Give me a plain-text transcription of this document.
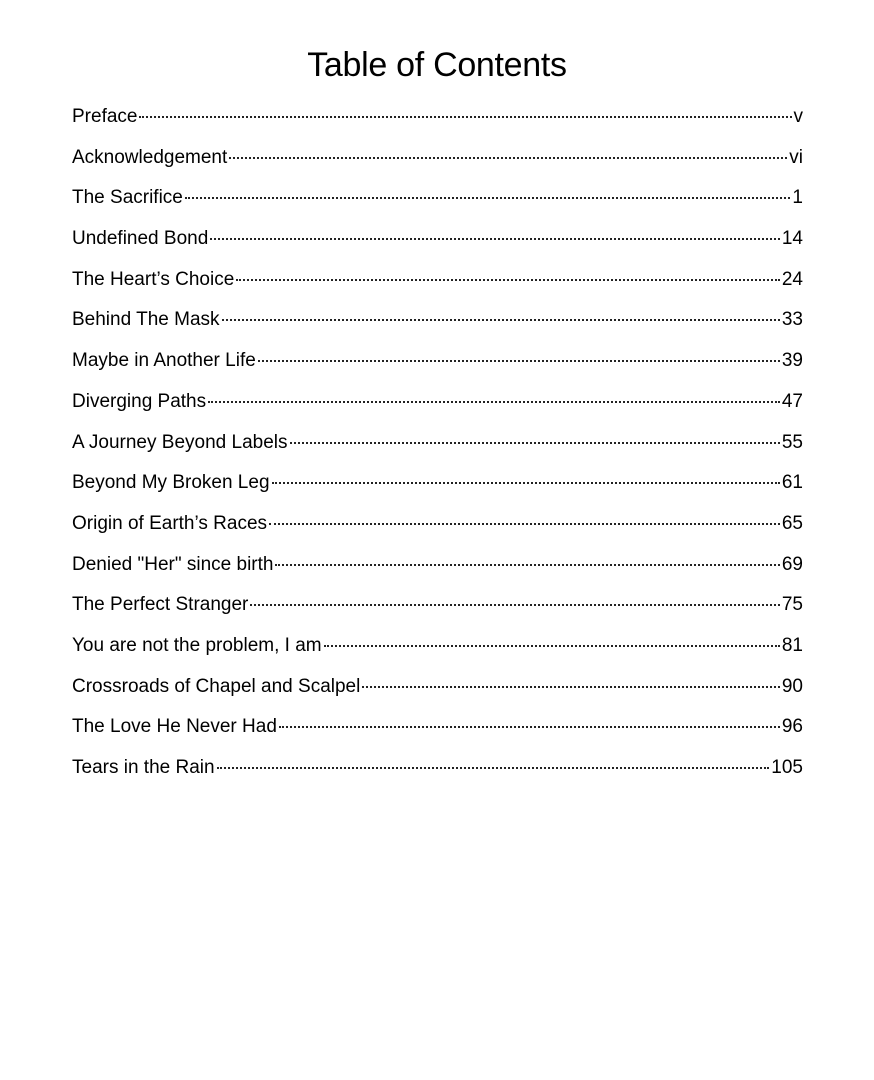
Table of Contents
Preface	v
Acknowledgement	vi
The Sacrifice	1
Undefined Bond	14
The Heart’s Choice	24
Behind The Mask	33
Maybe in Another Life	39
Diverging Paths	47
A Journey Beyond Labels	55
Beyond My Broken Leg	61
Origin of Earth’s Races	65
Denied "Her" since birth	69
The Perfect Stranger	75
You are not the problem, I am	81
Crossroads of Chapel and Scalpel	90
The Love He Never Had	96
Tears in the Rain	105
